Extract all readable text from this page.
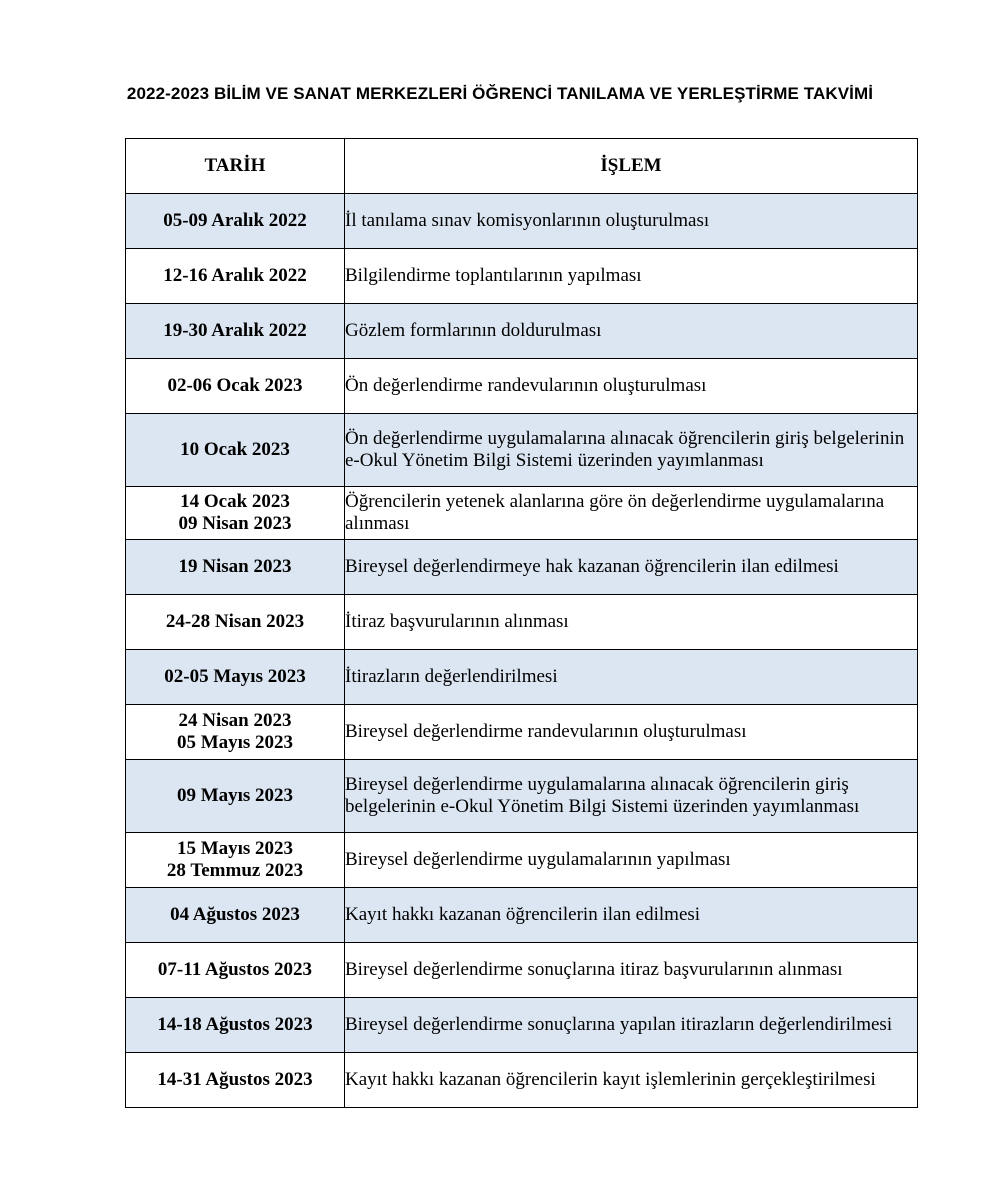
2022-2023 BİLİM VE SANAT MERKEZLERİ ÖĞRENCİ TANILAMA VE YERLEŞTİRME TAKVİMİ
TARİH	İŞLEM

05-09 Aralık 2022	İl tanılama sınav komisyonlarının oluşturulması

12-16 Aralık 2022	Bilgilendirme toplantılarının yapılması

19-30 Aralık 2022	Gözlem formlarının doldurulması

02-06 Ocak 2023	Ön değerlendirme randevularının oluşturulması

10 Ocak 2023	Ön değerlendirme uygulamalarına alınacak öğrencilerin giriş belgelerinin e-Okul Yönetim Bilgi Sistemi üzerinden yayımlanması

14 Ocak 2023
09 Nisan 2023	Öğrencilerin yetenek alanlarına göre ön değerlendirme uygulamalarına alınması

19 Nisan 2023	Bireysel değerlendirmeye hak kazanan öğrencilerin ilan edilmesi

24-28 Nisan 2023	İtiraz başvurularının alınması

02-05 Mayıs 2023	İtirazların değerlendirilmesi

24 Nisan 2023
05 Mayıs 2023	Bireysel değerlendirme randevularının oluşturulması

09 Mayıs 2023	Bireysel değerlendirme uygulamalarına alınacak öğrencilerin giriş belgelerinin e-Okul Yönetim Bilgi Sistemi üzerinden yayımlanması

15 Mayıs 2023
28 Temmuz 2023	Bireysel değerlendirme uygulamalarının yapılması

04 Ağustos 2023	Kayıt hakkı kazanan öğrencilerin ilan edilmesi

07-11 Ağustos 2023	Bireysel değerlendirme sonuçlarına itiraz başvurularının alınması

14-18 Ağustos 2023	Bireysel değerlendirme sonuçlarına yapılan itirazların değerlendirilmesi

14-31 Ağustos 2023	Kayıt hakkı kazanan öğrencilerin kayıt işlemlerinin gerçekleştirilmesi
